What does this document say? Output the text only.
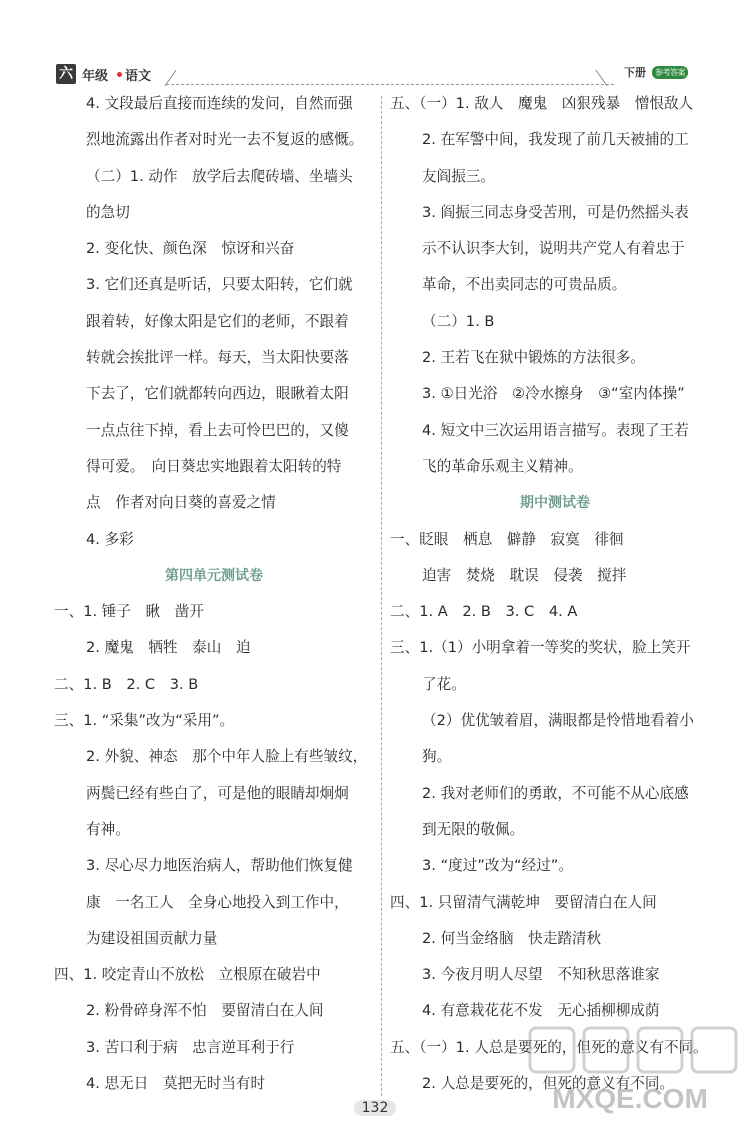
六 年级 语文	下册	参考答案
4. 文段最后直接而连续的发问，自然而强
烈地流露出作者对时光一去不复返的感慨。
（二）1. 动作　放学后去爬砖墙、坐墙头
的急切
2. 变化快、颜色深　惊讶和兴奋
3. 它们还真是听话，只要太阳转，它们就
跟着转，好像太阳是它们的老师，不跟着
转就会挨批评一样。每天，当太阳快要落
下去了，它们就都转向西边，眼瞅着太阳
一点点往下掉，看上去可怜巴巴的，又傻
得可爱。　向日葵忠实地跟着太阳转的特
点　作者对向日葵的喜爱之情
4. 多彩
第四单元测试卷
一、1. 锤子　瞅　凿开
2. 魔鬼　牺牲　泰山　迫
二、1. B　2. C　3. B
三、1. “采集”改为“采用”。
2. 外貌、神态　那个中年人脸上有些皱纹，
两鬓已经有些白了，可是他的眼睛却炯炯
有神。
3. 尽心尽力地医治病人，帮助他们恢复健
康　一名工人　全身心地投入到工作中，
为建设祖国贡献力量
四、1. 咬定青山不放松　立根原在破岩中
2. 粉骨碎身浑不怕　要留清白在人间
3. 苦口利于病　忠言逆耳利于行
4. 思无日　莫把无时当有时
五、（一）1. 敌人　魔鬼　凶狠残暴　憎恨敌人
2. 在军警中间，我发现了前几天被捕的工
友阎振三。
3. 阎振三同志身受苦刑，可是仍然摇头表
示不认识李大钊，说明共产党人有着忠于
革命，不出卖同志的可贵品质。
（二）1. B
2. 王若飞在狱中锻炼的方法很多。
3. ①日光浴　②冷水擦身　③“室内体操”
4. 短文中三次运用语言描写。表现了王若
飞的革命乐观主义精神。
期中测试卷
一、眨眼　栖息　僻静　寂寞　徘徊
迫害　焚烧　耽误　侵袭　搅拌
二、1. A　2. B　3. C　4. A
三、1.（1）小明拿着一等奖的奖状，脸上笑开
了花。
（2）优优皱着眉，满眼都是怜惜地看着小
狗。
2. 我对老师们的勇敢，不可能不从心底感
到无限的敬佩。
3. “度过”改为“经过”。
四、1. 只留清气满乾坤　要留清白在人间
2. 何当金络脑　快走踏清秋
3. 今夜月明人尽望　不知秋思落谁家
4. 有意栽花花不发　无心插柳柳成荫
五、（一）1. 人总是要死的，但死的意义有不同。
2. 人总是要死的，但死的意义有不同。
132	MXQE.COM
